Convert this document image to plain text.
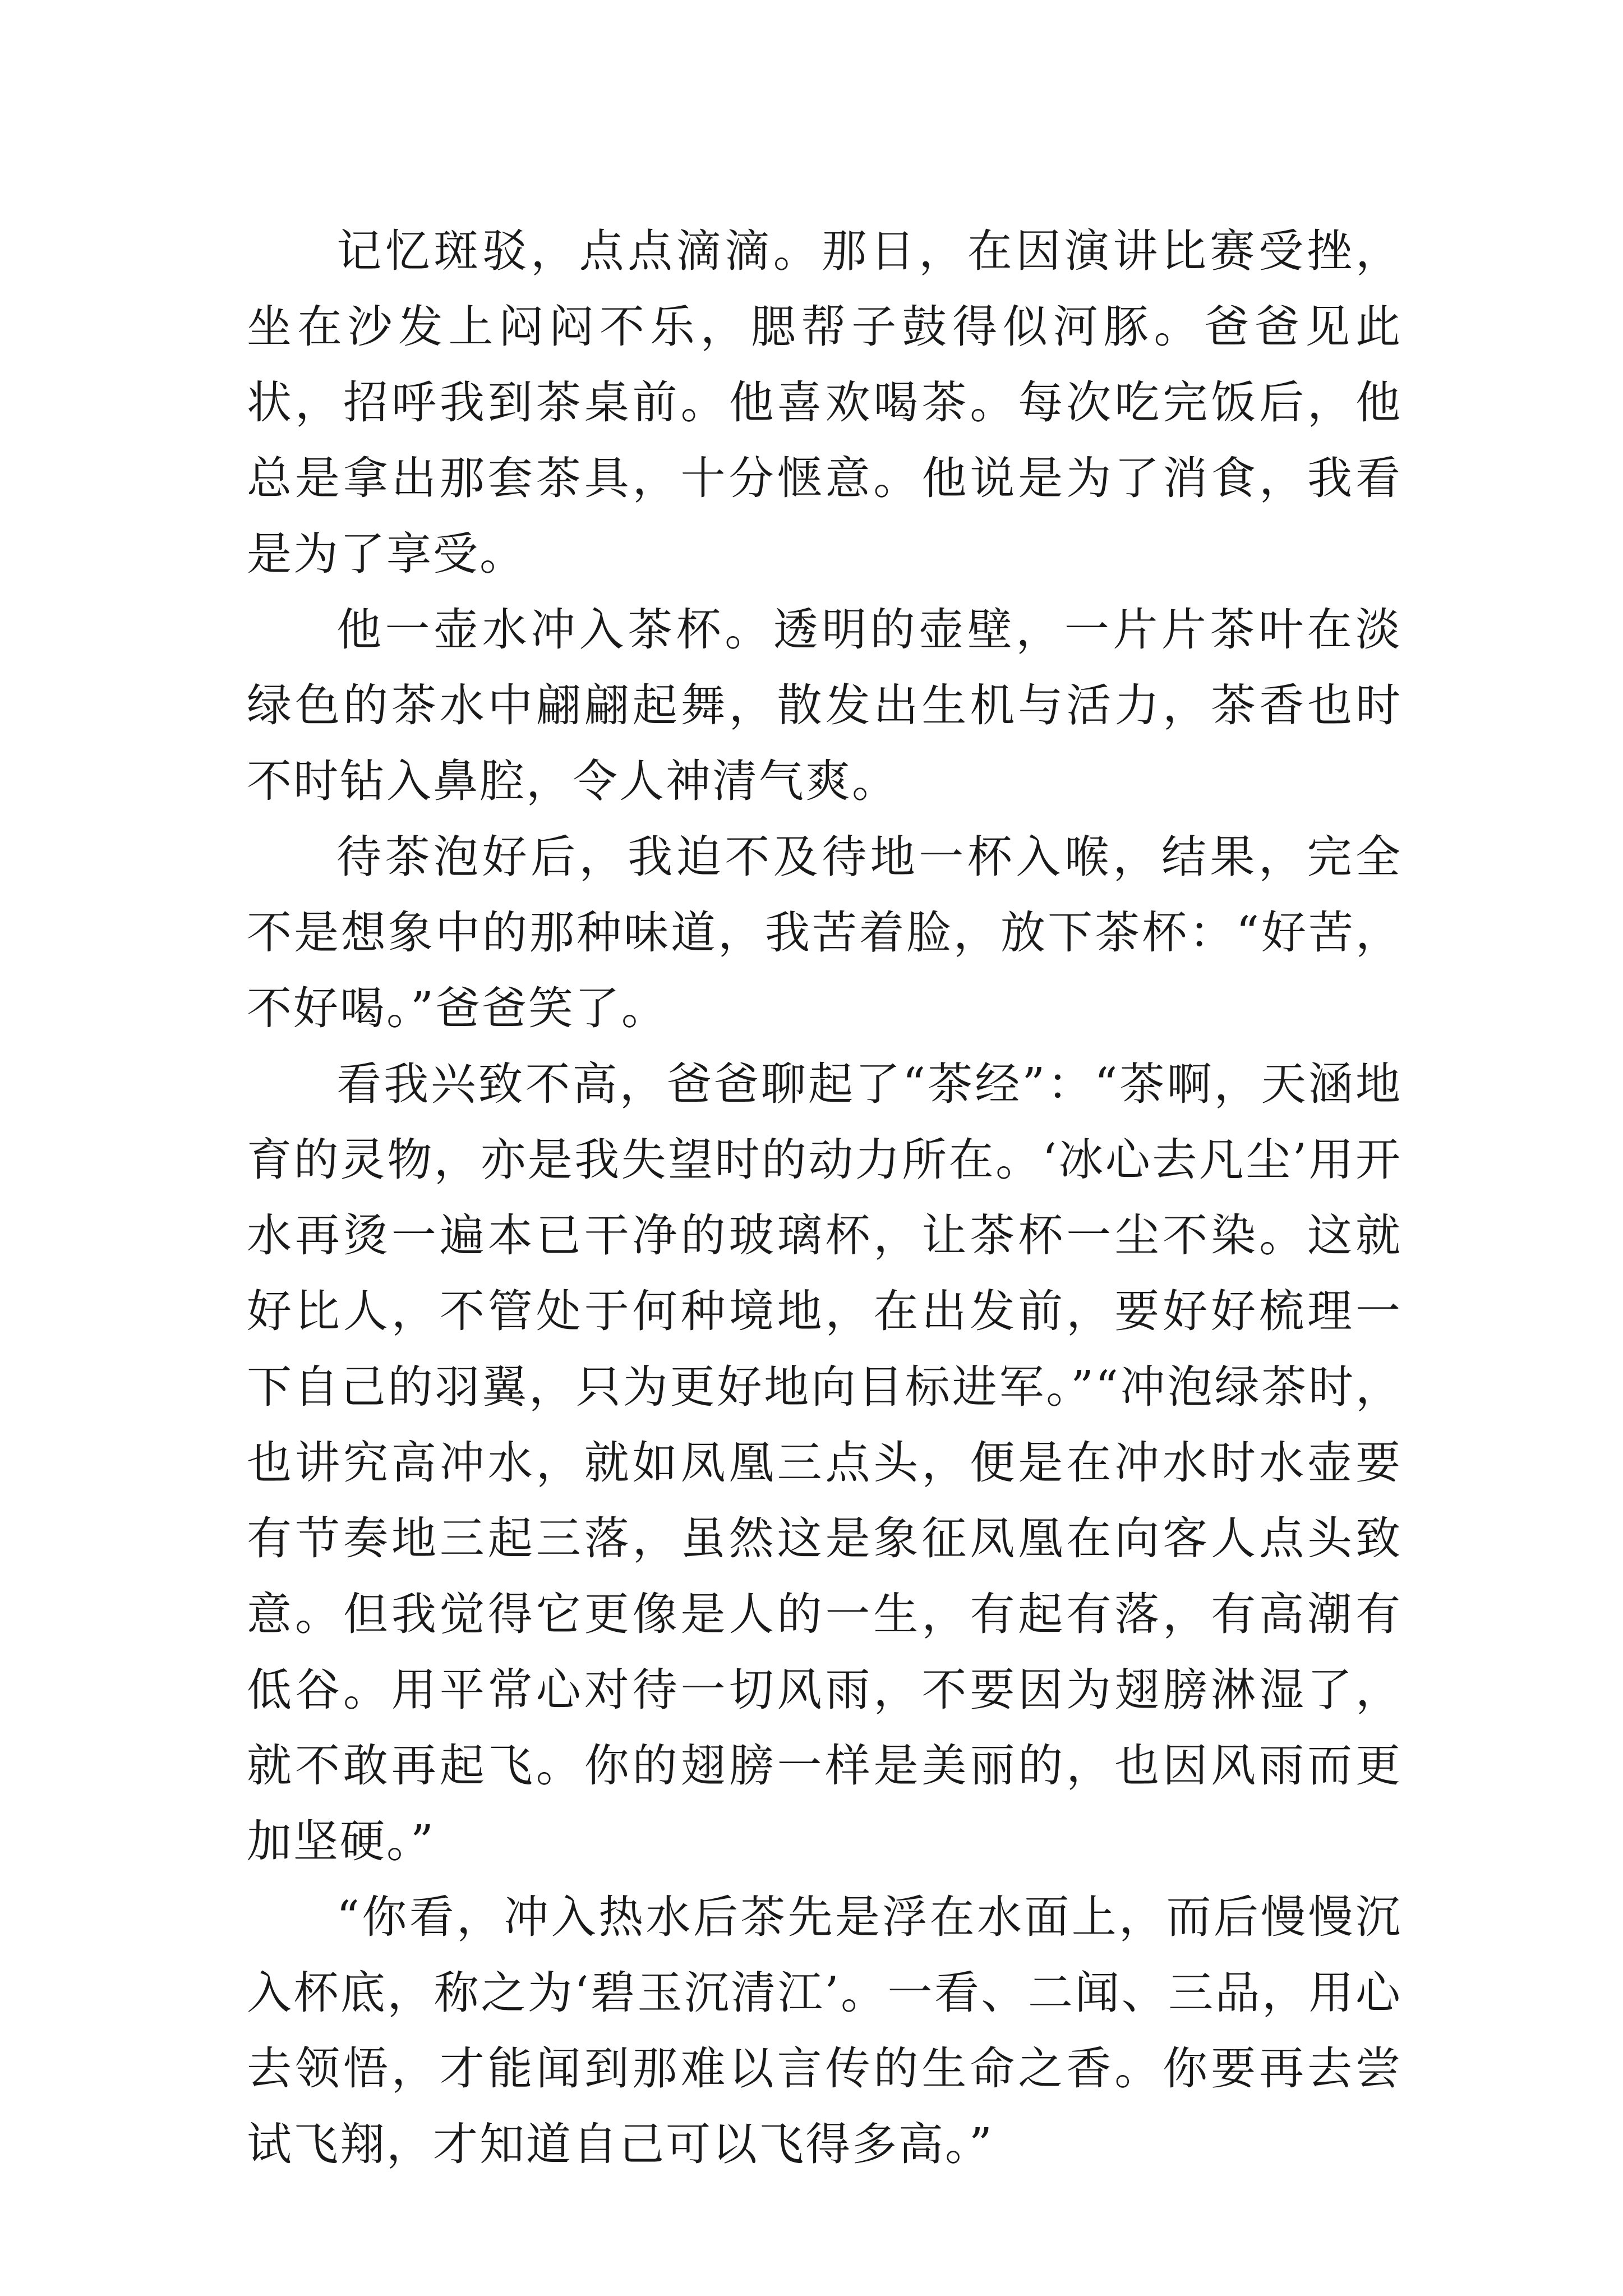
记忆斑驳，点点滴滴。那日，在因演讲比赛受挫，坐在沙发上闷闷不乐，腮帮子鼓得似河豚。爸爸见此状，招呼我到茶桌前。他喜欢喝茶。每次吃完饭后，他总是拿出那套茶具，十分惬意。他说是为了消食，我看是为了享受。

他一壶水冲入茶杯。透明的壶壁，一片片茶叶在淡绿色的茶水中翩翩起舞，散发出生机与活力，茶香也时不时钻入鼻腔，令人神清气爽。

待茶泡好后，我迫不及待地一杯入喉，结果，完全不是想象中的那种味道，我苦着脸，放下茶杯：“好苦，不好喝。”爸爸笑了。

看我兴致不高，爸爸聊起了“茶经”：“茶啊，天涵地育的灵物，亦是我失望时的动力所在。‘冰心去凡尘’用开水再烫一遍本已干净的玻璃杯，让茶杯一尘不染。这就好比人，不管处于何种境地，在出发前，要好好梳理一下自己的羽翼，只为更好地向目标进军。”“冲泡绿茶时，也讲究高冲水，就如凤凰三点头，便是在冲水时水壶要有节奏地三起三落，虽然这是象征凤凰在向客人点头致意。但我觉得它更像是人的一生，有起有落，有高潮有低谷。用平常心对待一切风雨，不要因为翅膀淋湿了，就不敢再起飞。你的翅膀一样是美丽的，也因风雨而更加坚硬。”

“你看，冲入热水后茶先是浮在水面上，而后慢慢沉入杯底，称之为‘碧玉沉清江’。一看、二闻、三品，用心去领悟，才能闻到那难以言传的生命之香。你要再去尝试飞翔，才知道自己可以飞得多高。”
